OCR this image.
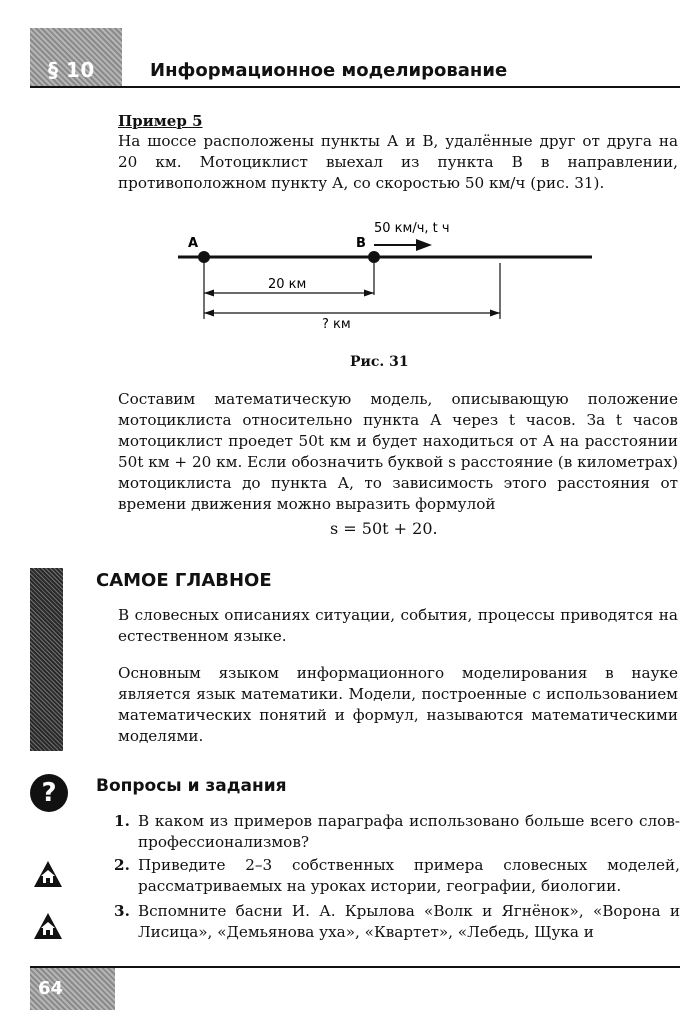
§ 10	Информационное моделирование
Пример 5
На шоссе расположены пункты А и В, удалённые друг от друга на 20 км. Мотоциклист выехал из пункта В в направлении, противоположном пункту А, со скоростью 50 км/ч (рис. 31).
A	B
50 км/ч, t ч
20 км
? км
Рис. 31
Составим математическую модель, описывающую положение мотоциклиста относительно пункта А через t часов. За t часов мотоциклист проедет 50t км и будет находиться от А на расстоянии 50t км + 20 км. Если обозначить буквой s расстояние (в километрах) мотоциклиста до пункта А, то зависимость этого расстояния от времени движения можно выразить формулой
s = 50t + 20.
САМОЕ ГЛАВНОЕ
В словесных описаниях ситуации, события, процессы приводятся на естественном языке.
Основным языком информационного моделирования в науке является язык математики. Модели, построенные с использованием математических понятий и формул, называются математическими моделями.
?	Вопросы и задания
1. В каком из примеров параграфа использовано больше всего слов-профессионализмов?
2. Приведите 2–3 собственных примера словесных моделей, рассматриваемых на уроках истории, географии, биологии.
3. Вспомните басни И. А. Крылова «Волк и Ягнёнок», «Ворона и Лисица», «Демьянова уха», «Квартет», «Лебедь, Щука и
64
